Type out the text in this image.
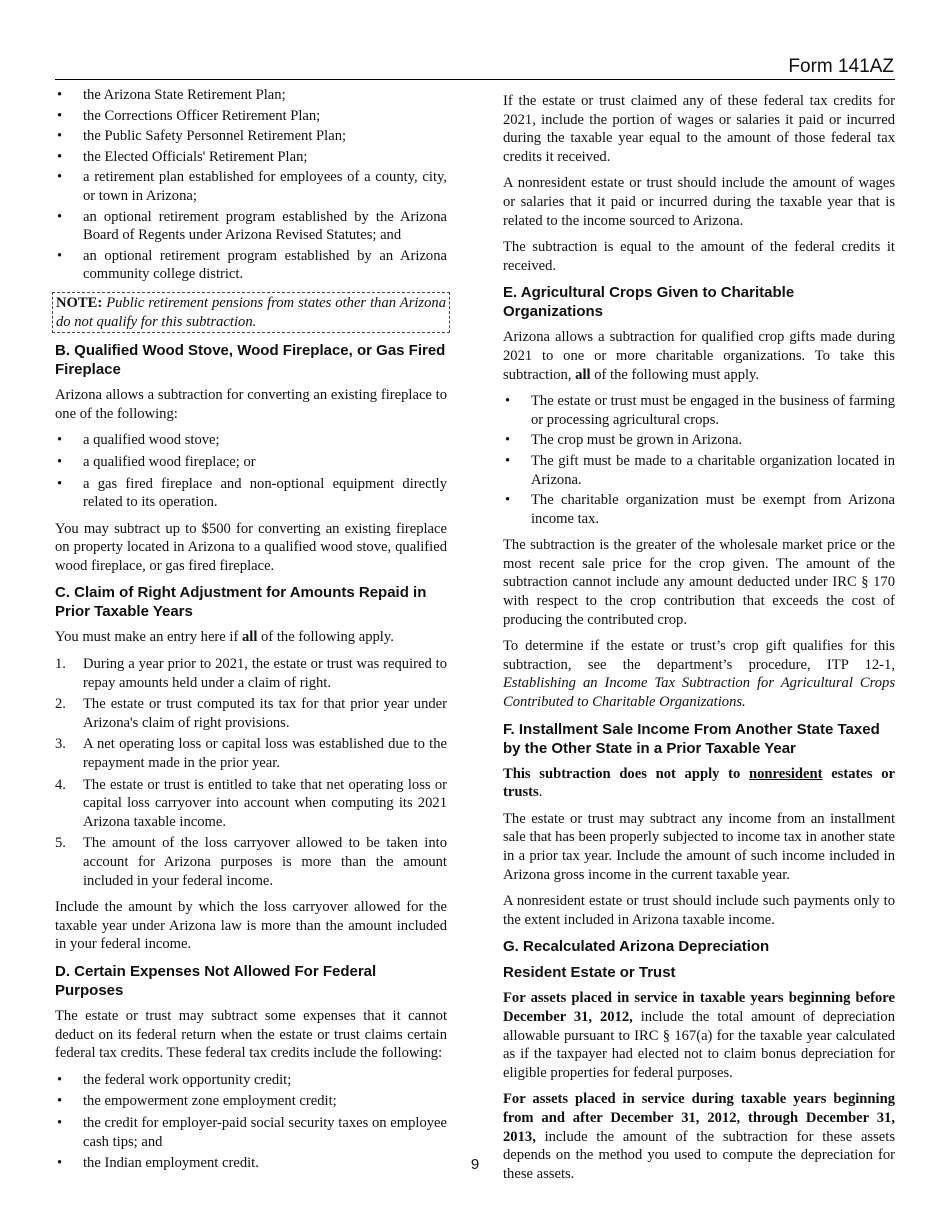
Form 141AZ
• the Arizona State Retirement Plan;
• the Corrections Officer Retirement Plan;
• the Public Safety Personnel Retirement Plan;
• the Elected Officials' Retirement Plan;
• a retirement plan established for employees of a county, city, or town in Arizona;
• an optional retirement program established by the Arizona Board of Regents under Arizona Revised Statutes; and
• an optional retirement program established by an Arizona community college district.
NOTE: Public retirement pensions from states other than Arizona do not qualify for this subtraction.
B. Qualified Wood Stove, Wood Fireplace, or Gas Fired Fireplace

Arizona allows a subtraction for converting an existing fireplace to one of the following:

• a qualified wood stove;
• a qualified wood fireplace; or
• a gas fired fireplace and non-optional equipment directly related to its operation.

You may subtract up to $500 for converting an existing fireplace on property located in Arizona to a qualified wood stove, qualified wood fireplace, or gas fired fireplace.

C. Claim of Right Adjustment for Amounts Repaid in Prior Taxable Years

You must make an entry here if all of the following apply.

1. During a year prior to 2021, the estate or trust was required to repay amounts held under a claim of right.
2. The estate or trust computed its tax for that prior year under Arizona's claim of right provisions.
3. A net operating loss or capital loss was established due to the repayment made in the prior year.
4. The estate or trust is entitled to take that net operating loss or capital loss carryover into account when computing its 2021 Arizona taxable income.
5. The amount of the loss carryover allowed to be taken into account for Arizona purposes is more than the amount included in your federal income.

Include the amount by which the loss carryover allowed for the taxable year under Arizona law is more than the amount included in your federal income.

D. Certain Expenses Not Allowed For Federal Purposes

The estate or trust may subtract some expenses that it cannot deduct on its federal return when the estate or trust claims certain federal tax credits. These federal tax credits include the following:

• the federal work opportunity credit;
• the empowerment zone employment credit;
• the credit for employer-paid social security taxes on employee cash tips; and
• the Indian employment credit.

If the estate or trust claimed any of these federal tax credits for 2021, include the portion of wages or salaries it paid or incurred during the taxable year equal to the amount of those federal tax credits it received.

A nonresident estate or trust should include the amount of wages or salaries that it paid or incurred during the taxable year that is related to the income sourced to Arizona.

The subtraction is equal to the amount of the federal credits it received.

E. Agricultural Crops Given to Charitable Organizations

Arizona allows a subtraction for qualified crop gifts made during 2021 to one or more charitable organizations. To take this subtraction, all of the following must apply.

• The estate or trust must be engaged in the business of farming or processing agricultural crops.
• The crop must be grown in Arizona.
• The gift must be made to a charitable organization located in Arizona.
• The charitable organization must be exempt from Arizona income tax.

The subtraction is the greater of the wholesale market price or the most recent sale price for the crop given. The amount of the subtraction cannot include any amount deducted under IRC § 170 with respect to the crop contribution that exceeds the cost of producing the contributed crop.

To determine if the estate or trust’s crop gift qualifies for this subtraction, see the department’s procedure, ITP 12-1, Establishing an Income Tax Subtraction for Agricultural Crops Contributed to Charitable Organizations.

F. Installment Sale Income From Another State Taxed by the Other State in a Prior Taxable Year

This subtraction does not apply to nonresident estates or trusts.

The estate or trust may subtract any income from an installment sale that has been properly subjected to income tax in another state in a prior tax year. Include the amount of such income included in Arizona gross income in the current taxable year.

A nonresident estate or trust should include such payments only to the extent included in Arizona taxable income.

G. Recalculated Arizona Depreciation
Resident Estate or Trust

For assets placed in service in taxable years beginning before December 31, 2012, include the total amount of depreciation allowable pursuant to IRC § 167(a) for the taxable year calculated as if the taxpayer had elected not to claim bonus depreciation for eligible properties for federal purposes.

For assets placed in service during taxable years beginning from and after December 31, 2012, through December 31, 2013, include the amount of the subtraction for these assets depends on the method you used to compute the depreciation for these assets.

9
